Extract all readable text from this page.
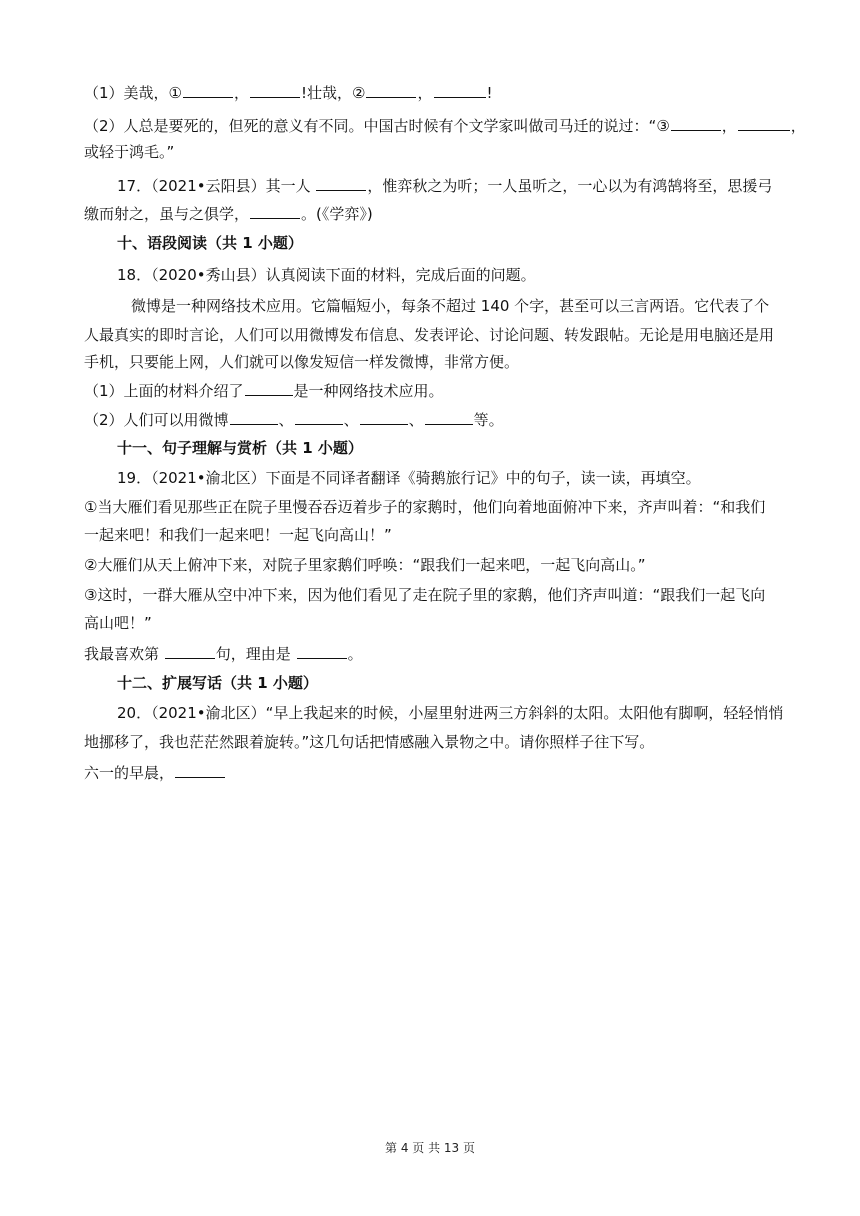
（1）美哉，①	，	!壮哉，②	，	!
（2）人总是要死的，但死的意义有不同。中国古时候有个文学家叫做司马迁的说过：“③	，	，
或轻于鸿毛。”
17．（2021•云阳县）其一人	，惟弈秋之为听；一人虽听之，一心以为有鸿鹄将至，思援弓
缴而射之，虽与之俱学，	。(《学弈》)
十、语段阅读（共 1 小题）
18．（2020•秀山县）认真阅读下面的材料，完成后面的问题。
微博是一种网络技术应用。它篇幅短小，每条不超过 140 个字，甚至可以三言两语。它代表了个
人最真实的即时言论，人们可以用微博发布信息、发表评论、讨论问题、转发跟帖。无论是用电脑还是用
手机，只要能上网，人们就可以像发短信一样发微博，非常方便。
（1）上面的材料介绍了	是一种网络技术应用。
（2）人们可以用微博	、	、	、	等。
十一、句子理解与赏析（共 1 小题）
19．（2021•渝北区）下面是不同译者翻译《骑鹅旅行记》中的句子，读一读，再填空。
①当大雁们看见那些正在院子里慢吞吞迈着步子的家鹅时，他们向着地面俯冲下来，齐声叫着：“和我们
一起来吧！和我们一起来吧！一起飞向高山！”
②大雁们从天上俯冲下来，对院子里家鹅们呼唤：“跟我们一起来吧，一起飞向高山。”
③这时，一群大雁从空中冲下来，因为他们看见了走在院子里的家鹅，他们齐声叫道：“跟我们一起飞向
高山吧！”
我最喜欢第	句，理由是	。
十二、扩展写话（共 1 小题）
20．（2021•渝北区）“早上我起来的时候，小屋里射进两三方斜斜的太阳。太阳他有脚啊，轻轻悄悄
地挪移了，我也茫茫然跟着旋转。”这几句话把情感融入景物之中。请你照样子往下写。
六一的早晨，
第 4 页 共 13 页
